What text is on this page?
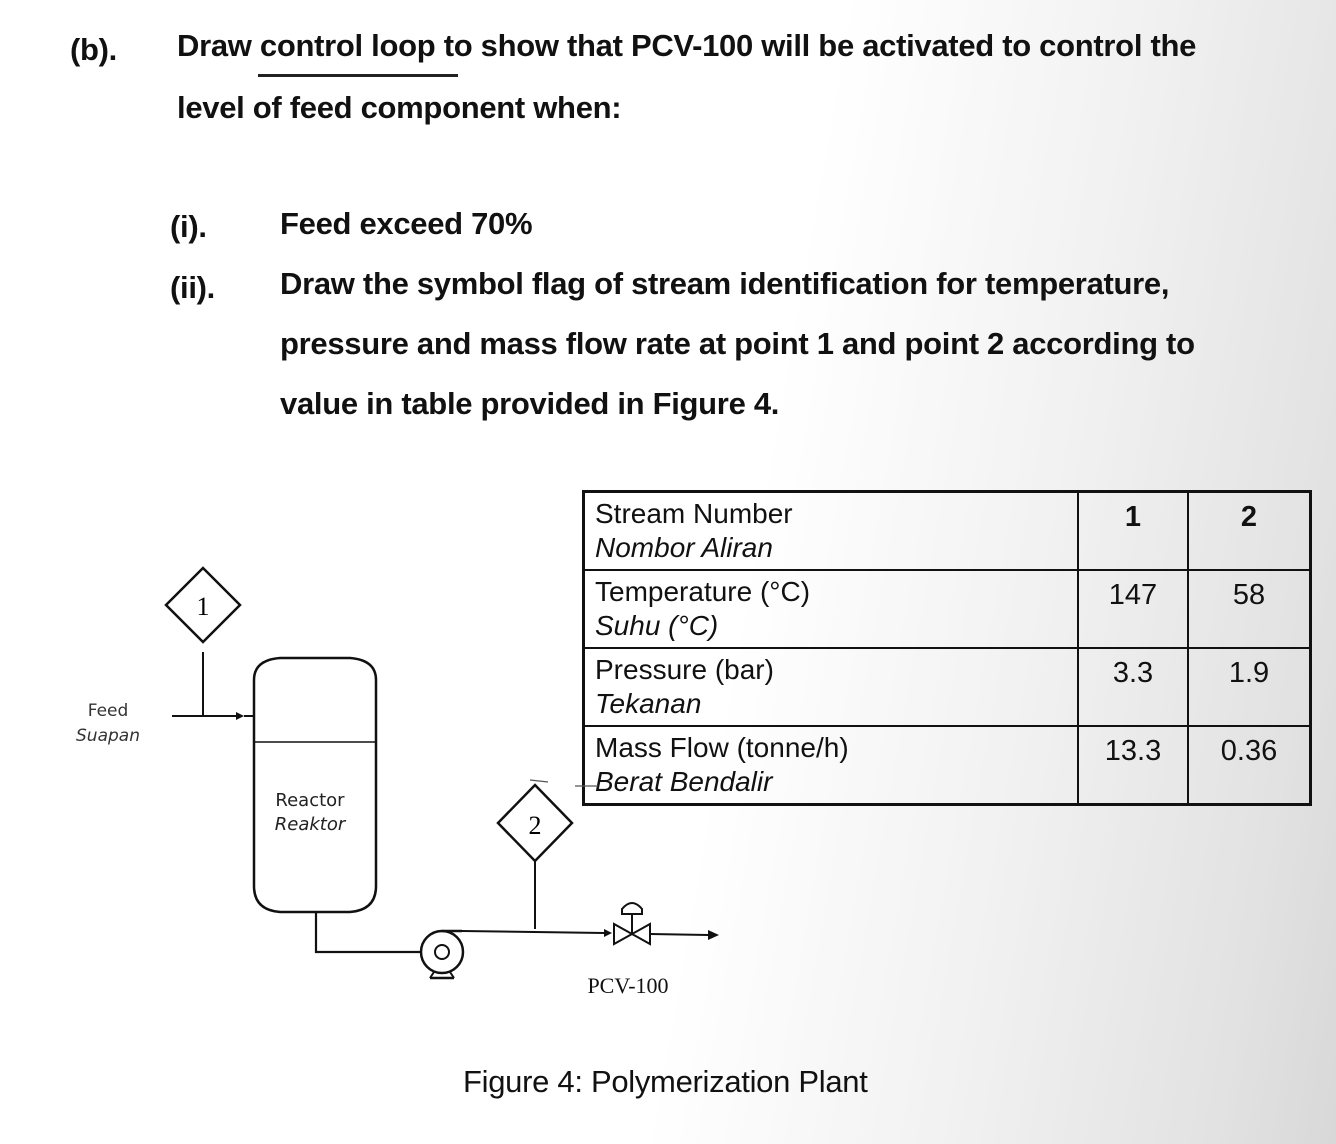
(b). Draw control loop to show that PCV-100 will be activated to control the
level of feed component when:
(i). Feed exceed 70%
(ii). Draw the symbol flag of stream identification for temperature,
pressure and mass flow rate at point 1 and point 2 according to
value in table provided in Figure 4.
Stream Number
Nombor Aliran	1	2

Temperature (°C)
Suhu (°C)	147	58

Pressure (bar)
Tekanan	3.3	1.9

Mass Flow (tonne/h)
Berat Bendalir	13.3	0.36
1
Feed
Suapan
Reactor
Reaktor	2
PCV-100
Figure 4: Polymerization Plant
